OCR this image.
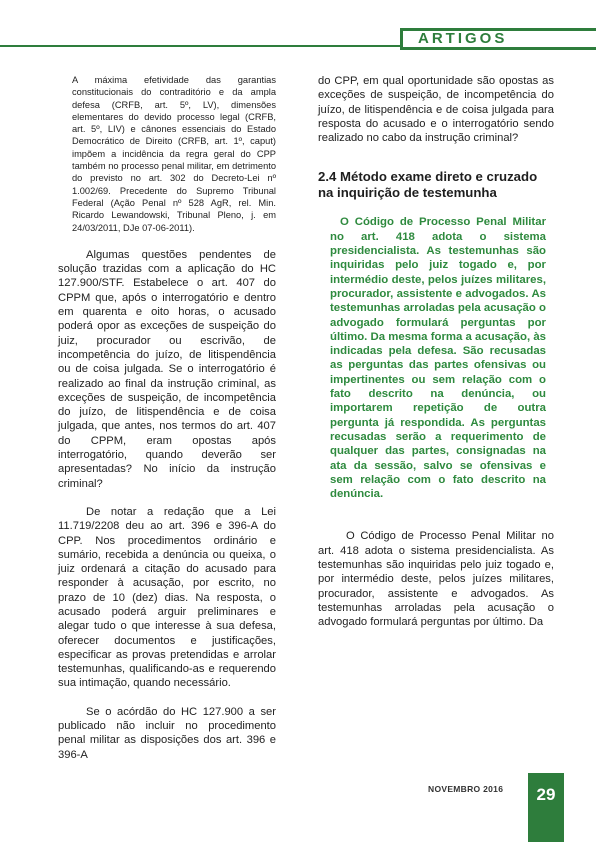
ARTIGOS

A máxima efetividade das garantias constitucionais do contraditório e da ampla defesa (CRFB, art. 5º, LV), dimensões elementares do devido processo legal (CRFB, art. 5º, LIV) e cânones essenciais do Estado Democrático de Direito (CRFB, art. 1º, caput) impõem a incidência da regra geral do CPP também no processo penal militar, em detrimento do previsto no art. 302 do Decreto-Lei nº 1.002/69. Precedente do Supremo Tribunal Federal (Ação Penal nº 528 AgR, rel. Min. Ricardo Lewandowski, Tribunal Pleno, j. em 24/03/2011, DJe 07-06-2011).

Algumas questões pendentes de solução trazidas com a aplicação do HC 127.900/STF. Estabelece o art. 407 do CPPM que, após o interrogatório e dentro em quarenta e oito horas, o acusado poderá opor as exceções de suspeição do juiz, procurador ou escrivão, de incompetência do juízo, de litispendência ou de coisa julgada. Se o interrogatório é realizado ao final da instrução criminal, as exceções de suspeição, de incompetência do juízo, de litispendência e de coisa julgada, que antes, nos termos do art. 407 do CPPM, eram opostas após interrogatório, quando deverão ser apresentadas? No início da instrução criminal?

De notar a redação que a Lei 11.719/2208 deu ao art. 396 e 396-A do CPP. Nos procedimentos ordinário e sumário, recebida a denúncia ou queixa, o juiz ordenará a citação do acusado para responder à acusação, por escrito, no prazo de 10 (dez) dias. Na resposta, o acusado poderá arguir preliminares e alegar tudo o que interesse à sua defesa, oferecer documentos e justificações, especificar as provas pretendidas e arrolar testemunhas, qualificando-as e requerendo sua intimação, quando necessário.

Se o acórdão do HC 127.900 a ser publicado não incluir no procedimento penal militar as disposições dos art. 396 e 396-A

do CPP, em qual oportunidade são opostas as exceções de suspeição, de incompetência do juízo, de litispendência e de coisa julgada para resposta do acusado e o interrogatório sendo realizado no cabo da instrução criminal?

2.4 Método exame direto e cruzado na inquirição de testemunha

O Código de Processo Penal Militar no art. 418 adota o sistema presidencialista. As testemunhas são inquiridas pelo juiz togado e, por intermédio deste, pelos juízes militares, procurador, assistente e advogados. As testemunhas arroladas pela acusação o advogado formulará perguntas por último. Da mesma forma a acusação, às indicadas pela defesa. São recusadas as perguntas das partes ofensivas ou impertinentes ou sem relação com o fato descrito na denúncia, ou importarem repetição de outra pergunta já respondida. As perguntas recusadas serão a requerimento de qualquer das partes, consignadas na ata da sessão, salvo se ofensivas e sem relação com o fato descrito na denúncia.

O Código de Processo Penal Militar no art. 418 adota o sistema presidencialista. As testemunhas são inquiridas pelo juiz togado e, por intermédio deste, pelos juízes militares, procurador, assistente e advogados. As testemunhas arroladas pela acusação o advogado formulará perguntas por último. Da

NOVEMBRO 2016	29
